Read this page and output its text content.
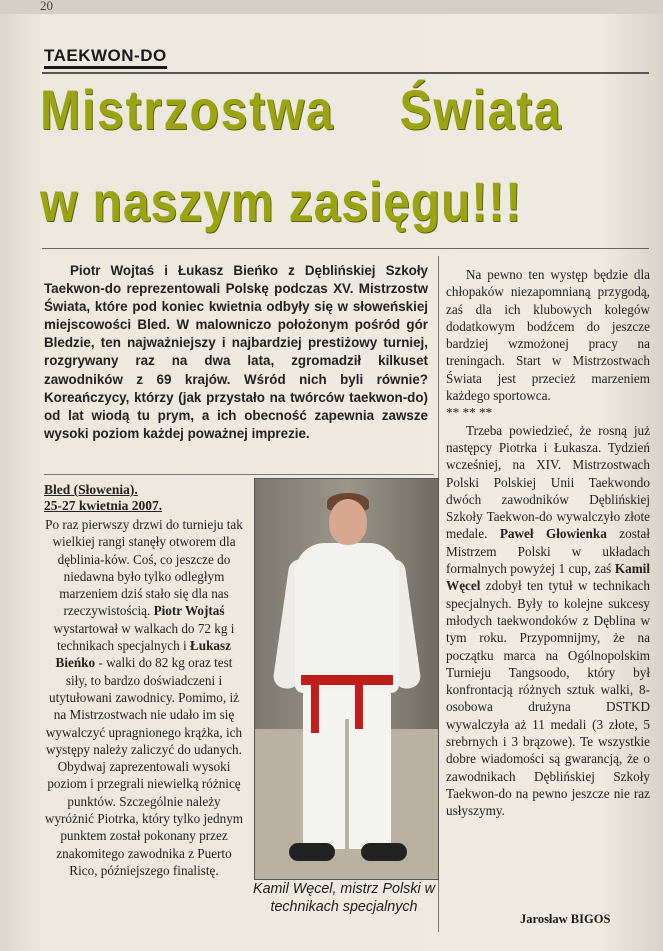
20
TAEKWON-DO
Mistrzostwa Świata
w naszym zasięgu!!!
Piotr Wojtaś i Łukasz Bieńko z Dęblińskiej Szkoły Taekwon-do reprezentowali Polskę podczas XV. Mistrzostw Świata, które pod koniec kwietnia odbyły się w słoweńskiej miejscowości Bled. W malowniczo położonym pośród gór Bledzie, ten najważniejszy i najbardziej prestiżowy turniej, rozgrywany raz na dwa lata, zgromadził kilkuset zawodników z 69 krajów. Wśród nich byli równie? Koreańczycy, którzy (jak przystało na twórców taekwon-do) od lat wiodą tu prym, a ich obecność zapewnia zawsze wysoki poziom każdej poważnej imprezie.
Bled (Słowenia).
25-27 kwietnia 2007.
Po raz pierwszy drzwi do turnieju tak wielkiej rangi stanęły otworem dla dęblinia-ków. Coś, co jeszcze do niedawna było tylko odległym marzeniem dziś stało się dla nas rzeczywistością. Piotr Wojtaś wystartował w walkach do 72 kg i technikach specjalnych i Łukasz Bieńko - walki do 82 kg oraz test siły, to bardzo doświadczeni i utytułowani zawodnicy. Pomimo, iż na Mistrzostwach nie udało im się wywalczyć upragnionego krążka, ich występy należy zaliczyć do udanych. Obydwaj zaprezentowali wysoki poziom i przegrali niewielką różnicę punktów. Szczególnie należy wyróżnić Piotrka, który tylko jednym punktem został pokonany przez znakomitego zawodnika z Puerto Rico, późniejszego finalistę.
Kamil Węcel, mistrz Polski w technikach specjalnych

Na pewno ten występ będzie dla chłopaków niezapomnianą przygodą, zaś dla ich klubowych kolegów dodatkowym bodźcem do jeszcze bardziej wzmożonej pracy na treningach. Start w Mistrzostwach Świata jest przecież marzeniem każdego sportowca.

** ** **

Trzeba powiedzieć, że rosną już następcy Piotrka i Łukasza. Tydzień wcześniej, na XIV. Mistrzostwach Polski Polskiej Unii Taekwondo dwóch zawodników Dęblińskiej Szkoły Taekwon-do wywalczyło złote medale. Paweł Głowienka został Mistrzem Polski w układach formalnych powyżej 1 cup, zaś Kamil Węcel zdobył ten tytuł w technikach specjalnych. Były to kolejne sukcesy młodych taekwondoków z Dęblina w tym roku. Przypomnijmy, że na początku marca na Ogólnopolskim Turnieju Tangsoodo, który był konfrontacją różnych sztuk walki, 8-osobowa drużyna DSTKD wywalczyła aż 11 medali (3 złote, 5 srebrnych i 3 brązowe). Te wszystkie dobre wiadomości są gwarancją, że o zawodnikach Dęblińskiej Szkoły Taekwon-do na pewno jeszcze nie raz usłyszymy.

Jarosław BIGOS
